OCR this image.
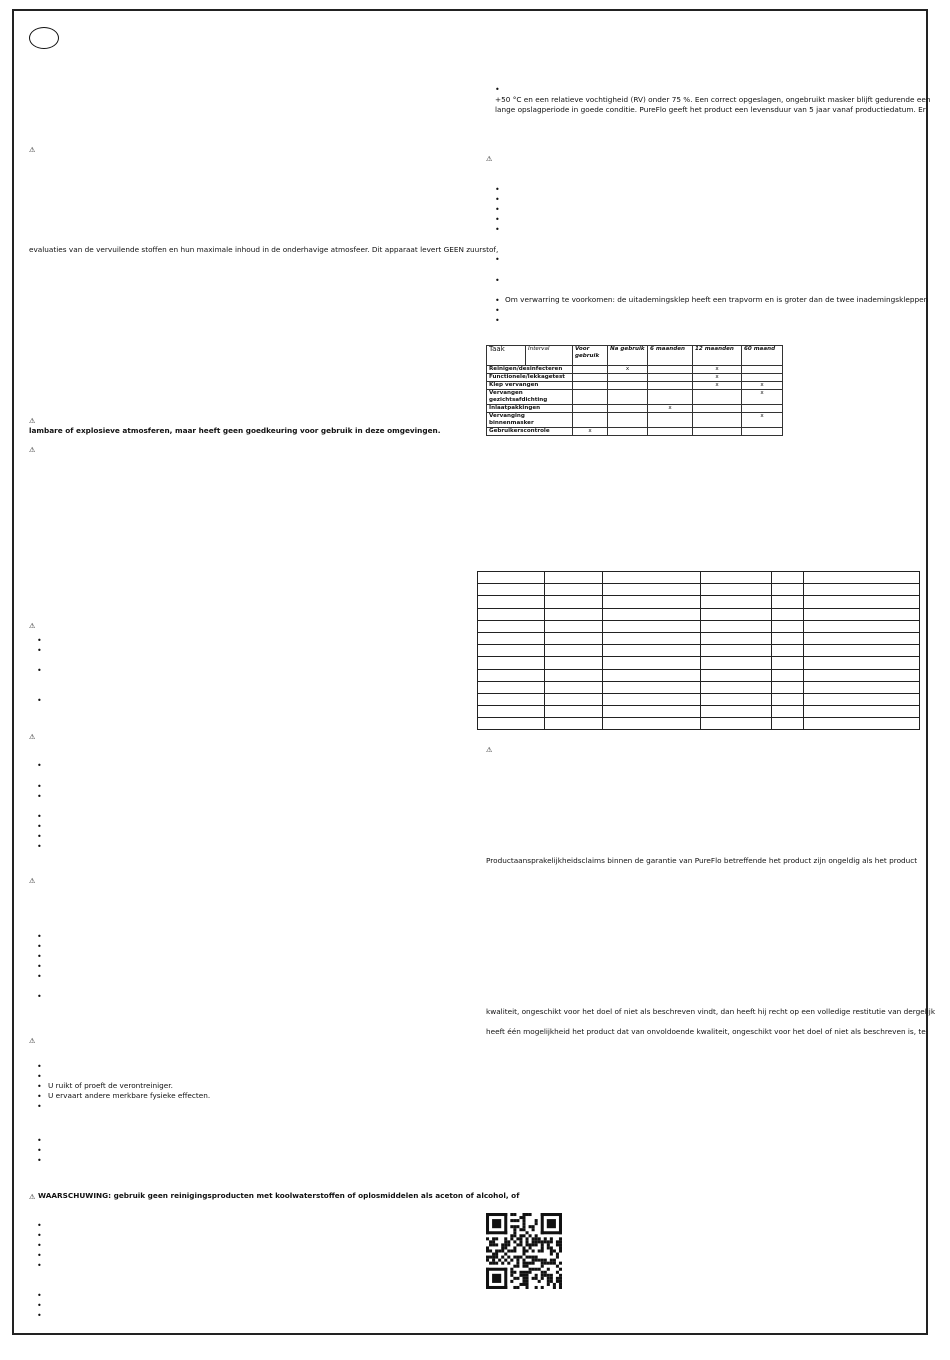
⚠
evaluaties van de vervuilende stoffen en hun maximale inhoud in de onderhavige atmosfeer. Dit apparaat levert GEEN zuurstof,
⚠
lambare of explosieve atmosferen, maar heeft geen goedkeuring voor gebruik in deze omgevingen.
⚠
⚠
•
•
•
•
⚠
•
•
•
•
•
•
•
⚠
•
•
•
•
•
•
⚠
•
•
• U ruikt of proeft de verontreiniger.
• U ervaart andere merkbare fysieke effecten.
•
•
•
•
⚠ WAARSCHUWING: gebruik geen reinigingsproducten met koolwaterstoffen of oplosmiddelen als aceton of alcohol, of
•
•
•
•
•
•
•
•
•
+50 °C en een relatieve vochtigheid (RV) onder 75 %. Een correct opgeslagen, ongebruikt masker blijft gedurende een
lange opslagperiode in goede conditie. PureFlo geeft het product een levensduur van 5 jaar vanaf productiedatum. Er
⚠
•
•
•
•
•
•
•
• Om verwarring te voorkomen: de uitademingsklep heeft een trapvorm en is groter dan de twee inademingskleppen
•
•
Taak	Interval	Voor gebruik	Na gebruik	6 maanden	12 maanden	60 maand
Reinigen/desinfecteren			x		x	
Functionele/lekkagetest					x	
Klep vervangen					x	x
Vervangen gezichtsafdichting						x
Inlaatpakkingen				x		
Vervanging binnenmasker						x
Gebruikerscontrole		x				

⚠
Productaansprakelijkheidsclaims binnen de garantie van PureFlo betreffende het product zijn ongeldig als het product
kwaliteit, ongeschikt voor het doel of niet als beschreven vindt, dan heeft hij recht op een volledige restitutie van dergelijk
heeft één mogelijkheid het product dat van onvoldoende kwaliteit, ongeschikt voor het doel of niet als beschreven is, te
